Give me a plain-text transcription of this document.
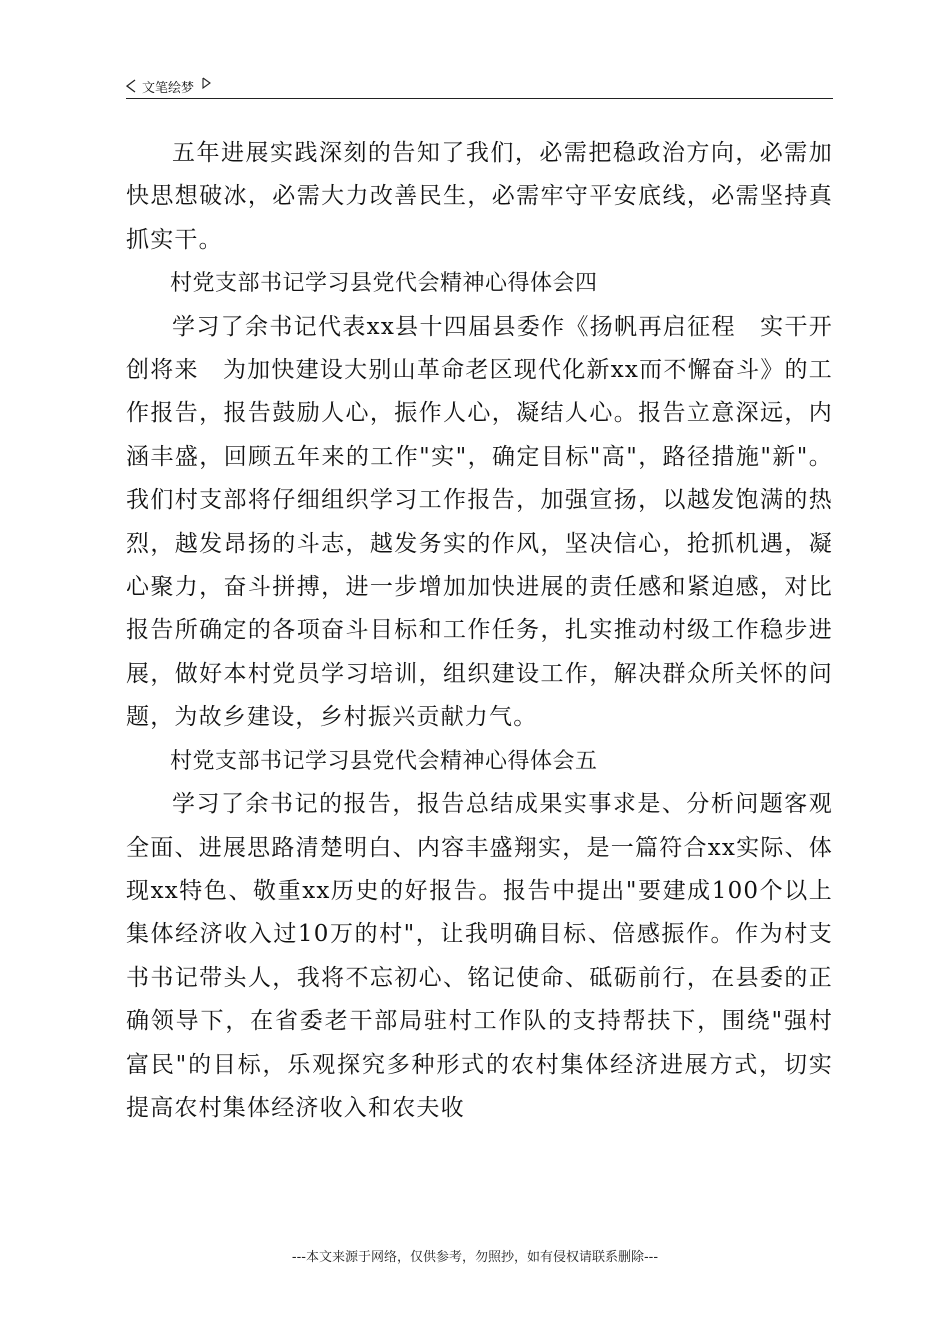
文笔绘梦

五年进展实践深刻的告知了我们，必需把稳政治方向，必需加快思想破冰，必需大力改善民生，必需牢守平安底线，必需坚持真抓实干。

村党支部书记学习县党代会精神心得体会四

学习了余书记代表xx县十四届县委作《扬帆再启征程　实干开创将来　为加快建设大别山革命老区现代化新xx而不懈奋斗》的工作报告，报告鼓励人心，振作人心，凝结人心。报告立意深远，内涵丰盛，回顾五年来的工作"实"，确定目标"高"，路径措施"新"。我们村支部将仔细组织学习工作报告，加强宣扬，以越发饱满的热烈，越发昂扬的斗志，越发务实的作风，坚决信心，抢抓机遇，凝心聚力，奋斗拼搏，进一步增加加快进展的责任感和紧迫感，对比报告所确定的各项奋斗目标和工作任务，扎实推动村级工作稳步进展，做好本村党员学习培训，组织建设工作，解决群众所关怀的问题，为故乡建设，乡村振兴贡献力气。

村党支部书记学习县党代会精神心得体会五

学习了余书记的报告，报告总结成果实事求是、分析问题客观全面、进展思路清楚明白、内容丰盛翔实，是一篇符合xx实际、体现xx特色、敬重xx历史的好报告。报告中提出"要建成100个以上集体经济收入过10万的村"，让我明确目标、倍感振作。作为村支书书记带头人，我将不忘初心、铭记使命、砥砺前行，在县委的正确领导下，在省委老干部局驻村工作队的支持帮扶下，围绕"强村富民"的目标，乐观探究多种形式的农村集体经济进展方式，切实提高农村集体经济收入和农夫收

---本文来源于网络，仅供参考，勿照抄，如有侵权请联系删除---
